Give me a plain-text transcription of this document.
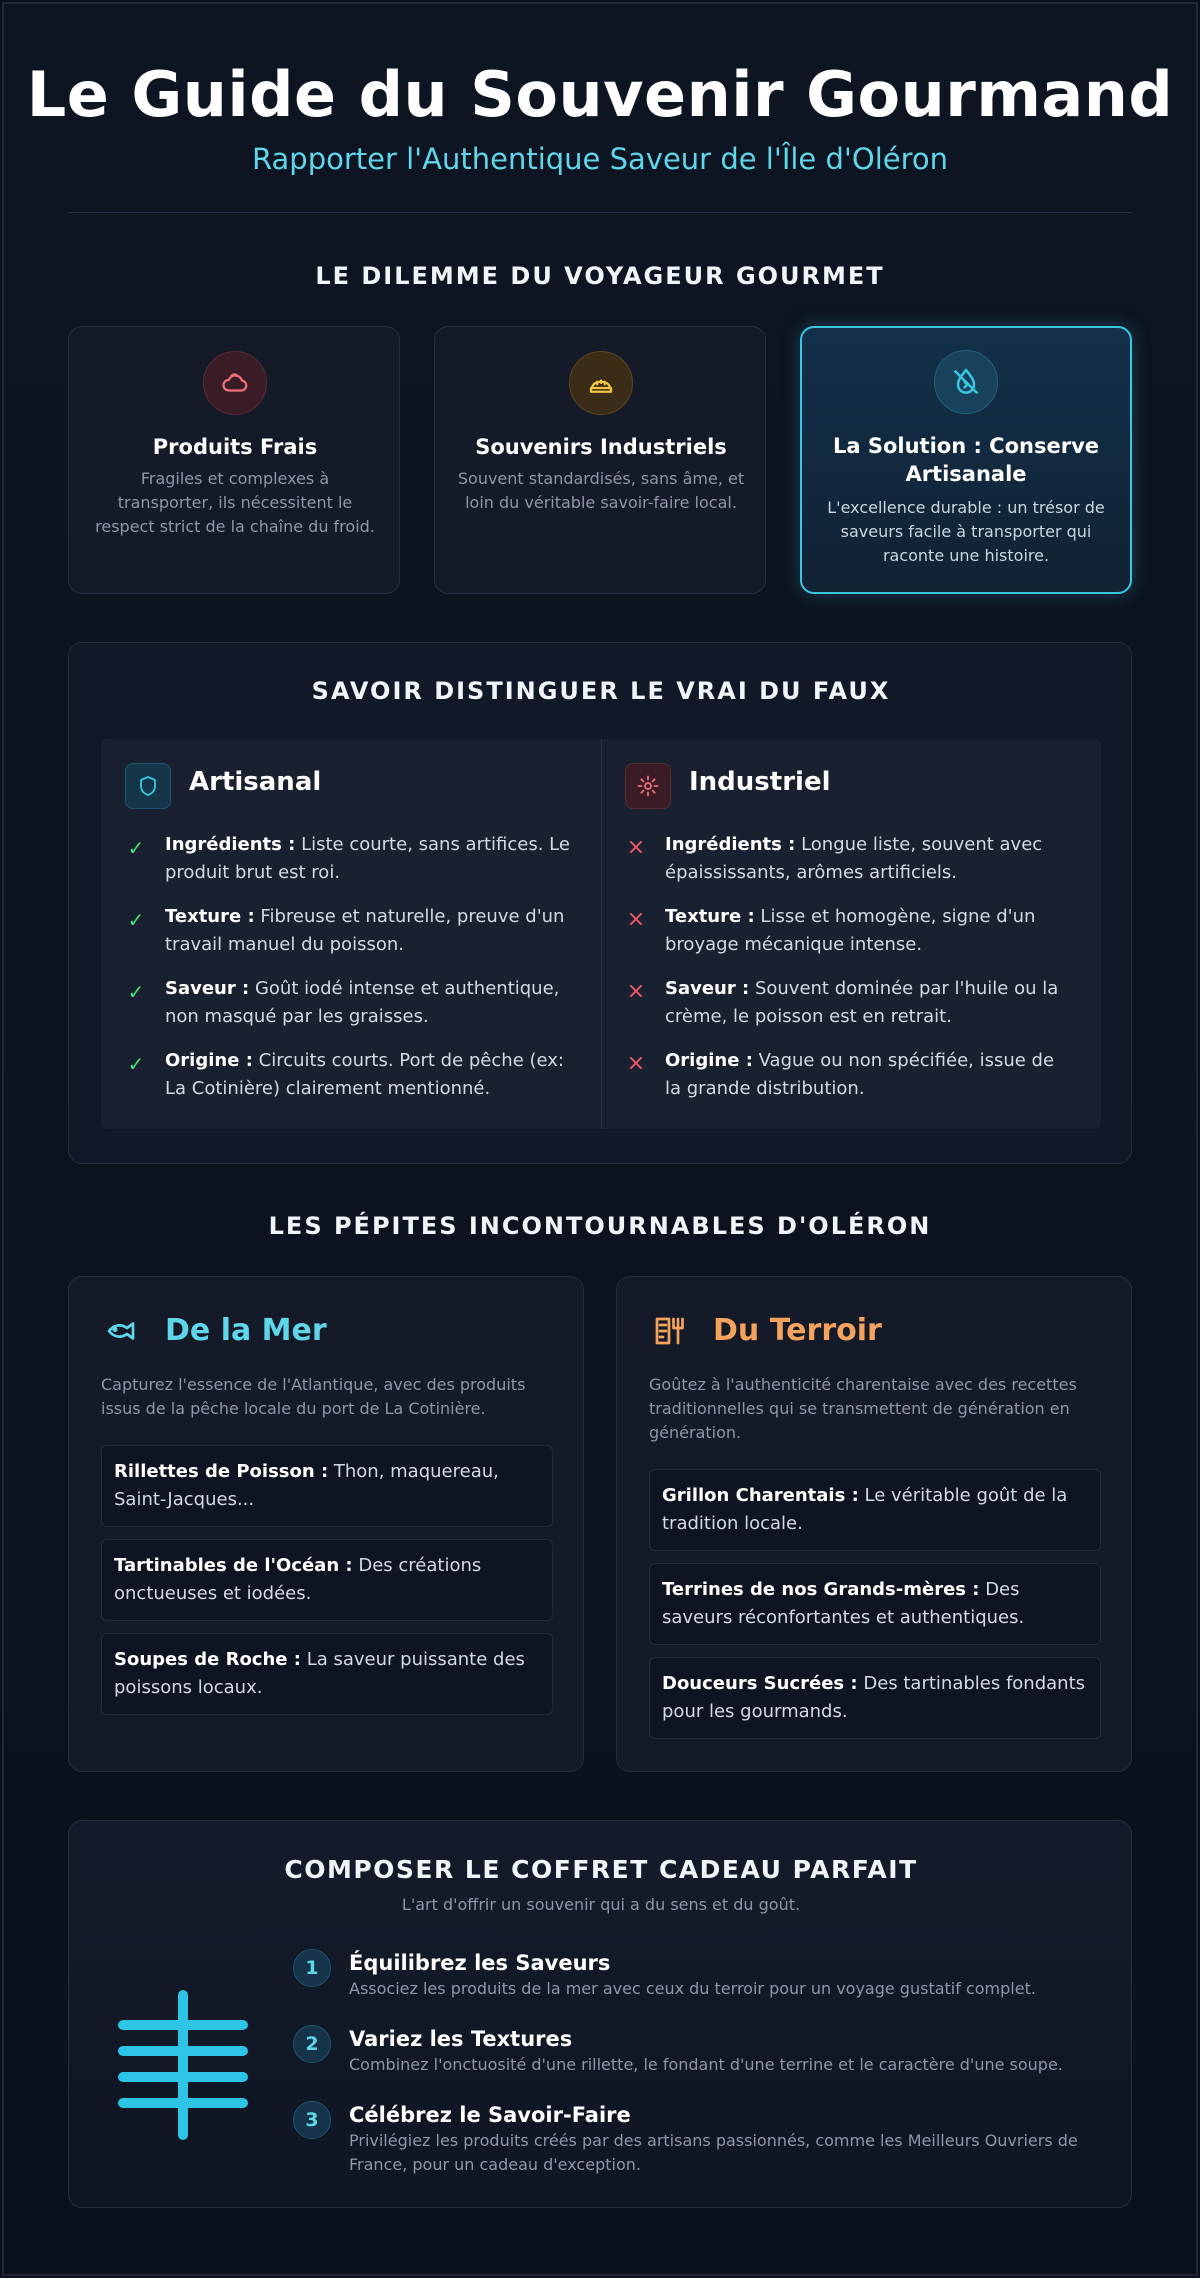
Le Guide du Souvenir Gourmand
Rapporter l'Authentique Saveur de l'Île d'Oléron
LE DILEMME DU VOYAGEUR GOURMET
Produits Frais
Fragiles et complexes à transporter, ils nécessitent le respect strict de la chaîne du froid.
Souvenirs Industriels
Souvent standardisés, sans âme, et loin du véritable savoir-faire local.
La Solution : Conserve Artisanale
L'excellence durable : un trésor de saveurs facile à transporter qui raconte une histoire.
SAVOIR DISTINGUER LE VRAI DU FAUX
Artisanal
✓ Ingrédients : Liste courte, sans artifices. Le produit brut est roi.
✓ Texture : Fibreuse et naturelle, preuve d'un travail manuel du poisson.
✓ Saveur : Goût iodé intense et authentique, non masqué par les graisses.
✓ Origine : Circuits courts. Port de pêche (ex: La Cotinière) clairement mentionné.
Industriel
× Ingrédients : Longue liste, souvent avec épaississants, arômes artificiels.
× Texture : Lisse et homogène, signe d'un broyage mécanique intense.
× Saveur : Souvent dominée par l'huile ou la crème, le poisson est en retrait.
× Origine : Vague ou non spécifiée, issue de la grande distribution.
LES PÉPITES INCONTOURNABLES D'OLÉRON
De la Mer
Capturez l'essence de l'Atlantique, avec des produits issus de la pêche locale du port de La Cotinière.
Rillettes de Poisson : Thon, maquereau, Saint-Jacques...
Tartinables de l'Océan : Des créations onctueuses et iodées.
Soupes de Roche : La saveur puissante des poissons locaux.
Du Terroir
Goûtez à l'authenticité charentaise avec des recettes traditionnelles qui se transmettent de génération en génération.
Grillon Charentais : Le véritable goût de la tradition locale.
Terrines de nos Grands-mères : Des saveurs réconfortantes et authentiques.
Douceurs Sucrées : Des tartinables fondants pour les gourmands.
COMPOSER LE COFFRET CADEAU PARFAIT
L'art d'offrir un souvenir qui a du sens et du goût.
1	Équilibrez les Saveurs
Associez les produits de la mer avec ceux du terroir pour un voyage gustatif complet.
2	Variez les Textures
Combinez l'onctuosité d'une rillette, le fondant d'une terrine et le caractère d'une soupe.
3	Célébrez le Savoir-Faire
Privilégiez les produits créés par des artisans passionnés, comme les Meilleurs Ouvriers de France, pour un cadeau d'exception.
